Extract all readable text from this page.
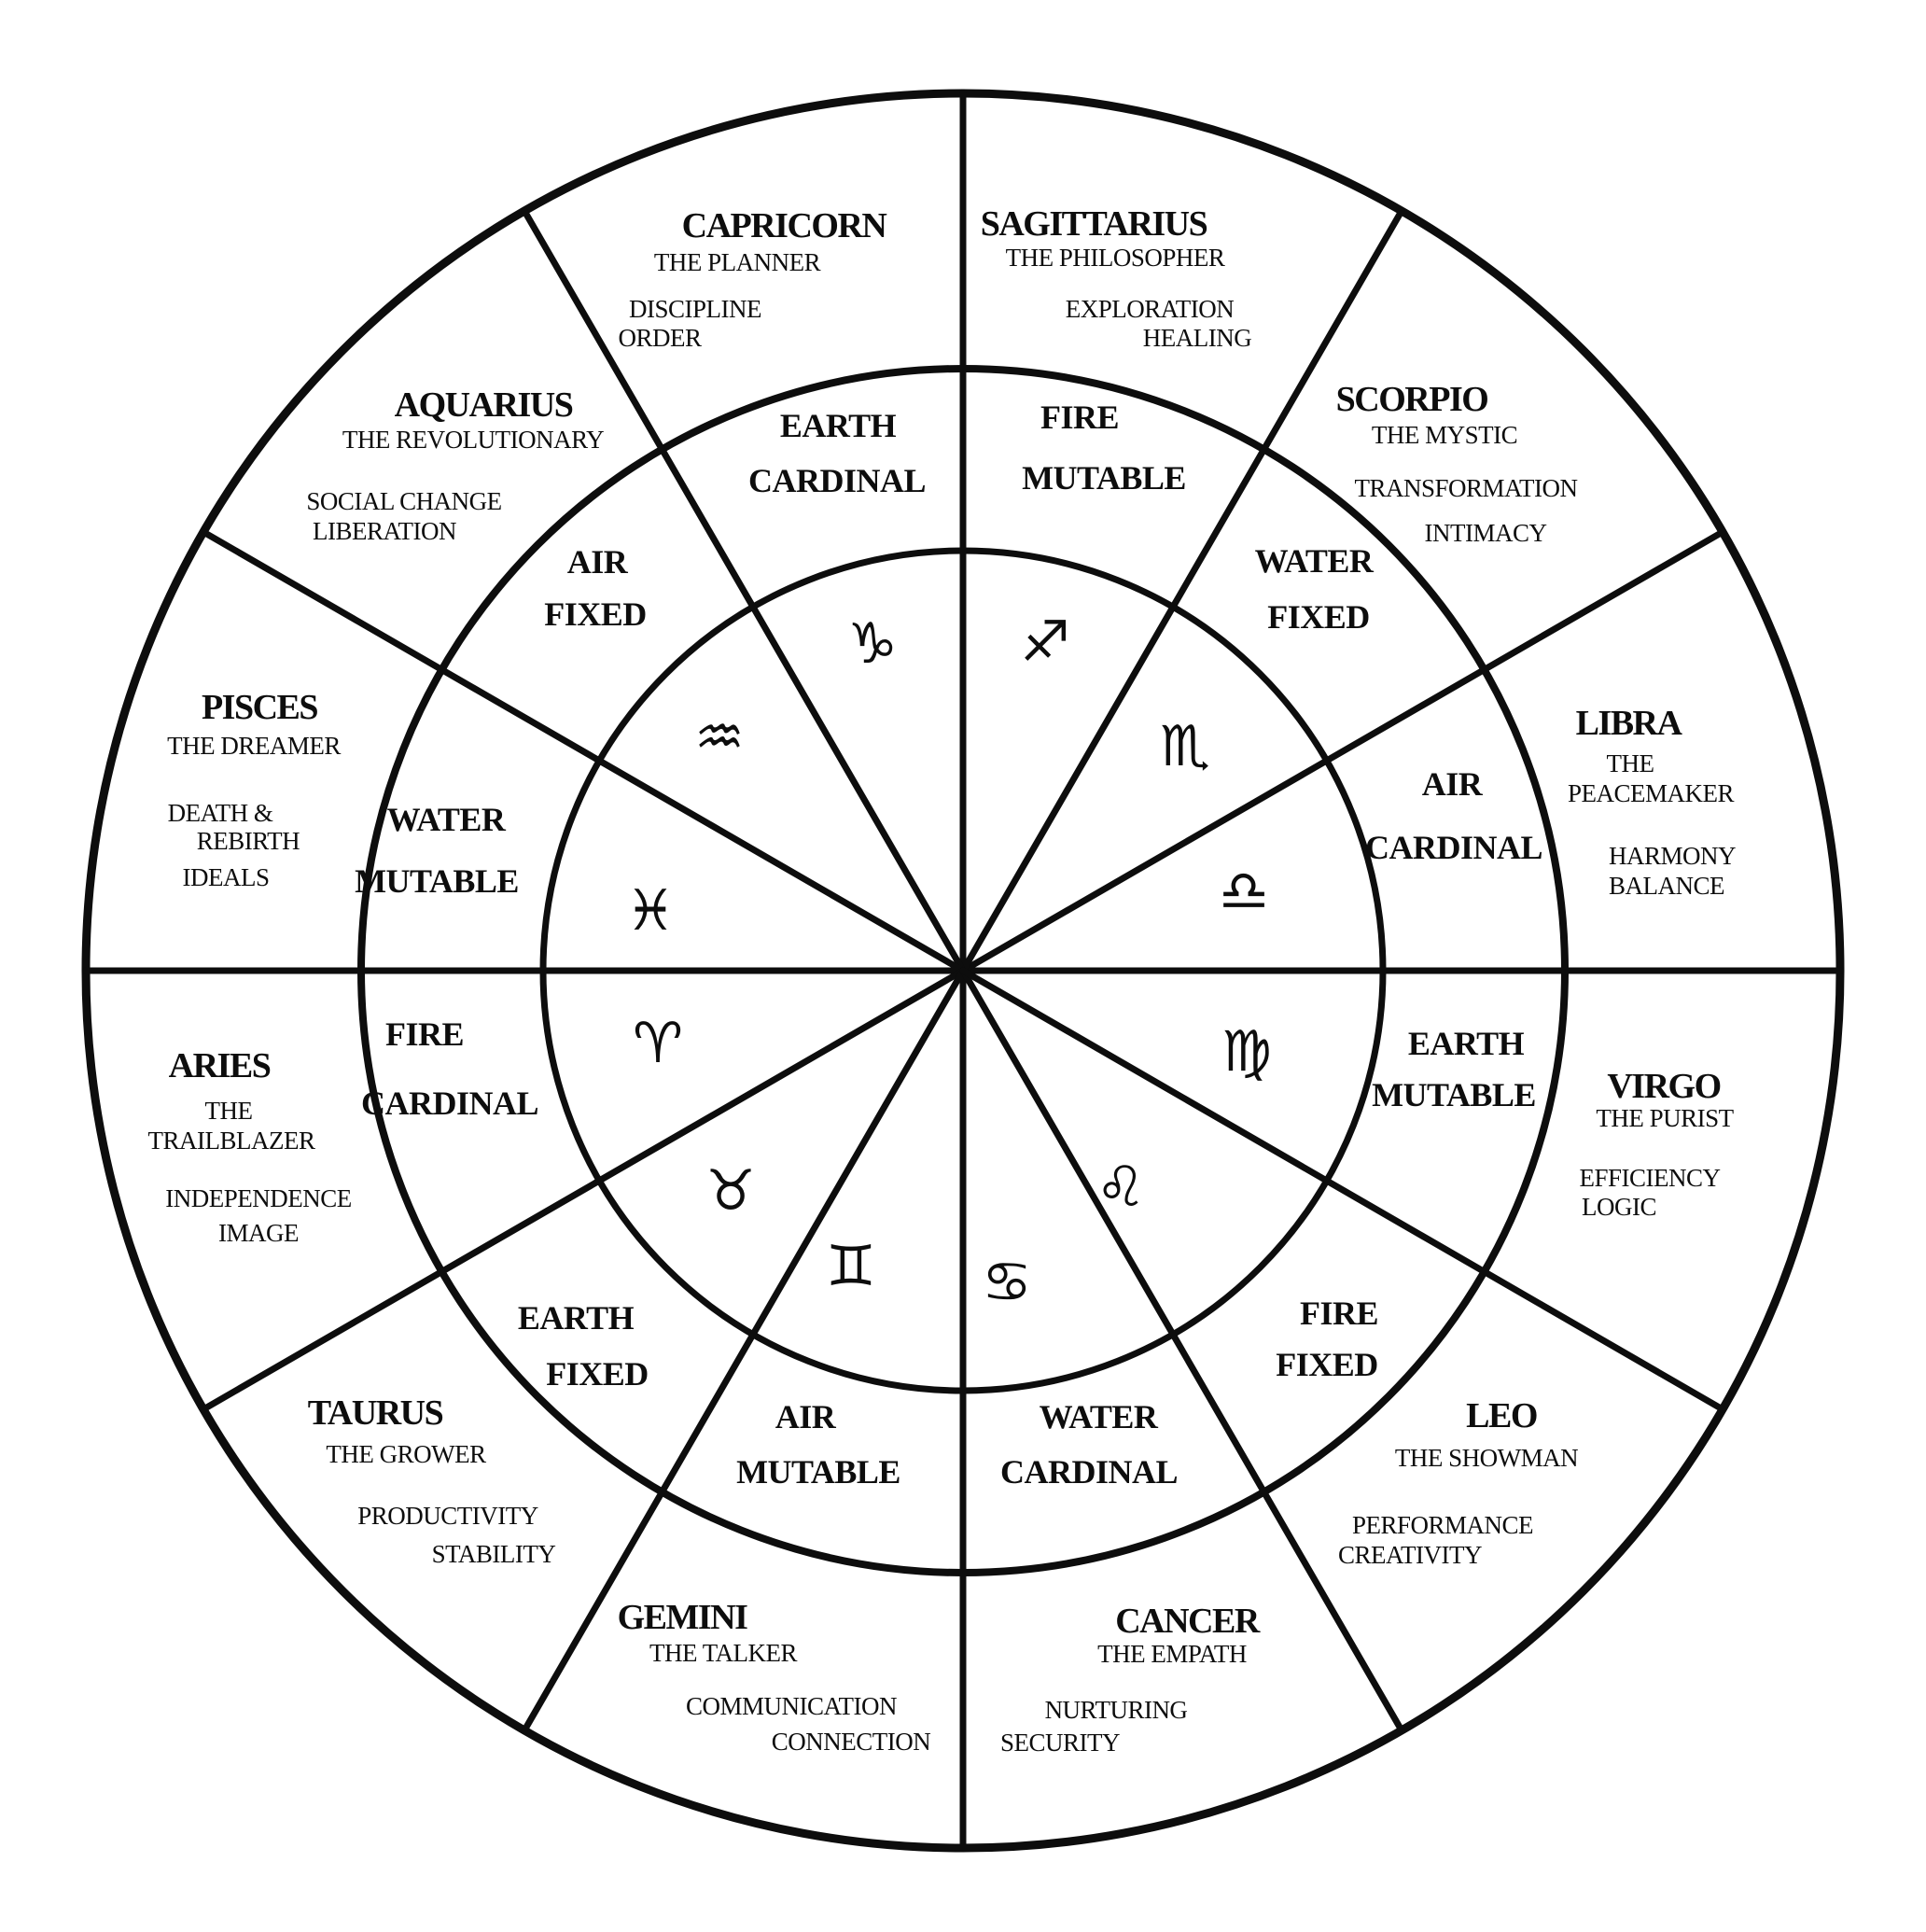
ARIES
THE
TRAILBLAZER
INDEPENDENCE
IMAGE
FIRE
CARDINAL
♈
TAURUS
THE GROWER
PRODUCTIVITY
STABILITY
EARTH
FIXED
♉
GEMINI
THE TALKER
COMMUNICATION
CONNECTION
AIR
MUTABLE
♊
CANCER
THE EMPATH
NURTURING
SECURITY
WATER
CARDINAL
♋
LEO
THE SHOWMAN
PERFORMANCE
CREATIVITY
FIRE
FIXED
♌
VIRGO
THE PURIST
EFFICIENCY
LOGIC
EARTH
MUTABLE
♍
LIBRA
THE
PEACEMAKER
HARMONY
BALANCE
AIR
CARDINAL
♎
SCORPIO
THE MYSTIC
TRANSFORMATION
INTIMACY
WATER
FIXED
♏
SAGITTARIUS
THE PHILOSOPHER
EXPLORATION
HEALING
FIRE
MUTABLE
♐
CAPRICORN
THE PLANNER
DISCIPLINE
ORDER
EARTH
CARDINAL
♑
AQUARIUS
THE REVOLUTIONARY
SOCIAL CHANGE
LIBERATION
AIR
FIXED
♒
PISCES
THE DREAMER
DEATH &
REBIRTH
IDEALS
WATER
MUTABLE ♓
